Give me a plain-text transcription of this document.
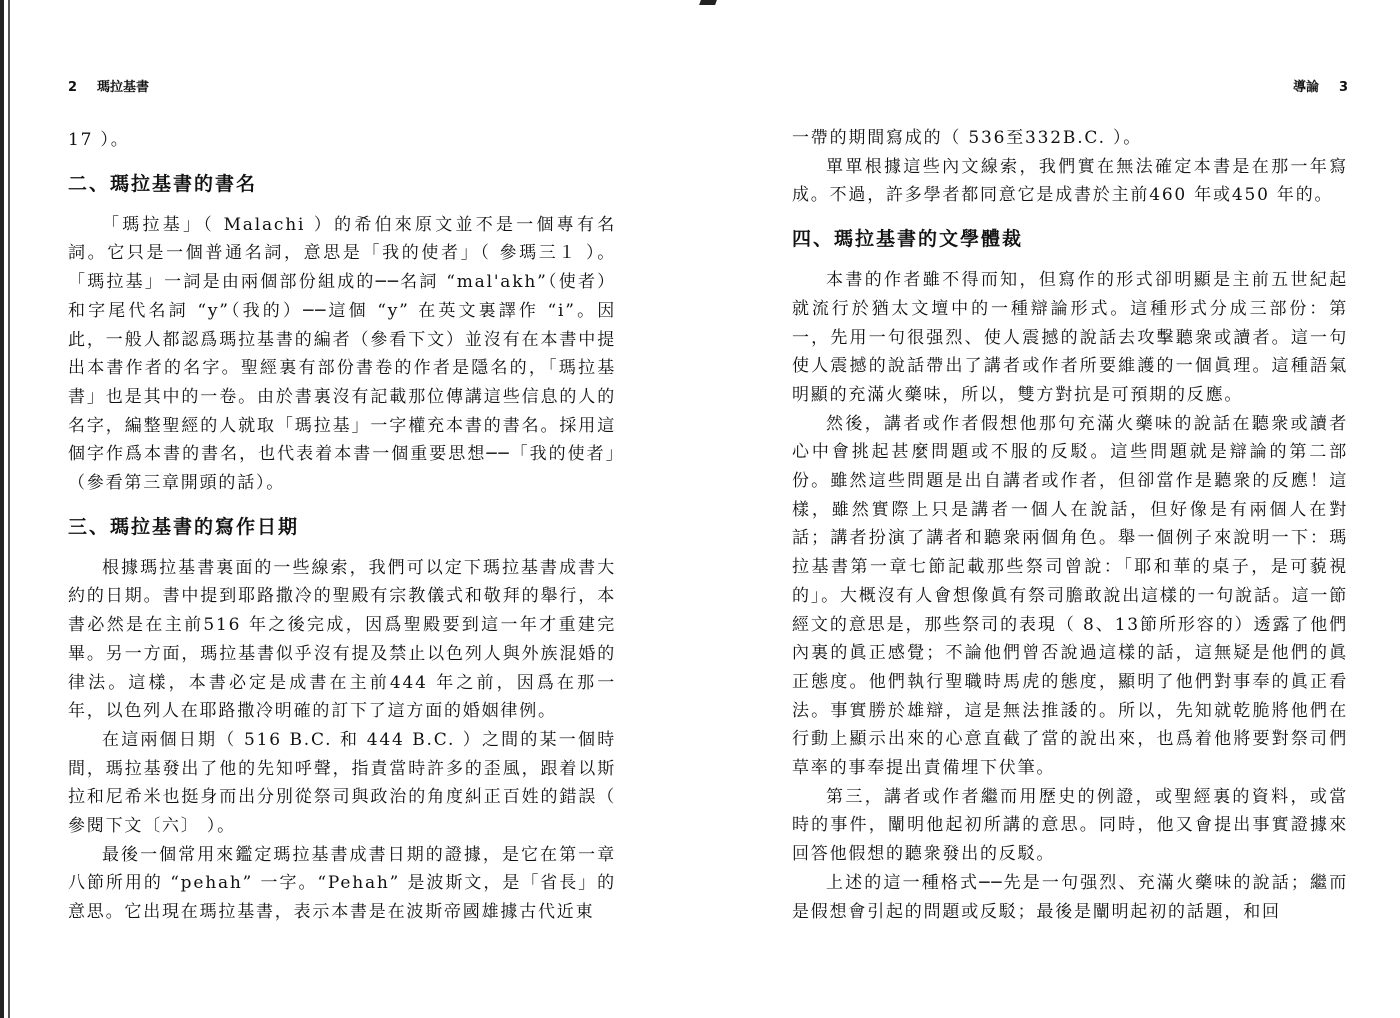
2 瑪拉基書

17 ）。

二、瑪拉基書的書名

「瑪拉基」（ Malachi ）的希伯來原文並不是一個專有名詞。它只是一個普通名詞，意思是「我的使者」（ 參瑪三１ ）。「瑪拉基」一詞是由兩個部份組成的──名詞 “mal'akh”（使者）和字尾代名詞 “y”（我的）──這個 “y” 在英文裏譯作 “i”。因此，一般人都認爲瑪拉基書的編者（參看下文）並沒有在本書中提出本書作者的名字。聖經裏有部份書卷的作者是隱名的，「瑪拉基書」也是其中的一卷。由於書裏沒有記載那位傳講這些信息的人的名字，編整聖經的人就取「瑪拉基」一字權充本書的書名。採用這個字作爲本書的書名，也代表着本書一個重要思想──「我的使者」（參看第三章開頭的話）。

三、瑪拉基書的寫作日期

根據瑪拉基書裏面的一些線索，我們可以定下瑪拉基書成書大約的日期。書中提到耶路撒冷的聖殿有宗教儀式和敬拜的舉行，本書必然是在主前516 年之後完成，因爲聖殿要到這一年才重建完畢。另一方面，瑪拉基書似乎沒有提及禁止以色列人與外族混婚的律法。這樣，本書必定是成書在主前444 年之前，因爲在那一年，以色列人在耶路撒冷明確的訂下了這方面的婚姻律例。

在這兩個日期（ 516 B.C. 和 444 B.C. ）之間的某一個時間，瑪拉基發出了他的先知呼聲，指責當時許多的歪風，跟着以斯拉和尼希米也挺身而出分別從祭司與政治的角度糾正百姓的錯誤（ 參閱下文〔六〕 ）。

最後一個常用來鑑定瑪拉基書成書日期的證據，是它在第一章八節所用的 “pehah” 一字。“Pehah” 是波斯文，是「省長」的意思。它出現在瑪拉基書，表示本書是在波斯帝國雄據古代近東

導論 3

一帶的期間寫成的（ 536至332B.C. ）。

單單根據這些內文線索，我們實在無法確定本書是在那一年寫成。不過，許多學者都同意它是成書於主前460 年或450 年的。

四、瑪拉基書的文學體裁

本書的作者雖不得而知，但寫作的形式卻明顯是主前五世紀起就流行於猶太文壇中的一種辯論形式。這種形式分成三部份：第一，先用一句很强烈、使人震撼的說話去攻擊聽衆或讀者。這一句使人震撼的說話帶出了講者或作者所要維護的一個眞理。這種語氣明顯的充滿火藥味，所以，雙方對抗是可預期的反應。

然後，講者或作者假想他那句充滿火藥味的說話在聽衆或讀者心中會挑起甚麼問題或不服的反駁。這些問題就是辯論的第二部份。雖然這些問題是出自講者或作者，但卻當作是聽衆的反應！這樣，雖然實際上只是講者一個人在說話，但好像是有兩個人在對話；講者扮演了講者和聽衆兩個角色。舉一個例子來說明一下：瑪拉基書第一章七節記載那些祭司曾說：「耶和華的桌子，是可藐視的」。大概沒有人會想像眞有祭司膽敢說出這樣的一句說話。這一節經文的意思是，那些祭司的表現（ 8、13節所形容的）透露了他們內裏的眞正感覺；不論他們曾否說過這樣的話，這無疑是他們的眞正態度。他們執行聖職時馬虎的態度，顯明了他們對事奉的眞正看法。事實勝於雄辯，這是無法推諉的。所以，先知就乾脆將他們在行動上顯示出來的心意直截了當的說出來，也爲着他將要對祭司們草率的事奉提出責備埋下伏筆。

第三，講者或作者繼而用歷史的例證，或聖經裏的資料，或當時的事件，闡明他起初所講的意思。同時，他又會提出事實證據來回答他假想的聽衆發出的反駁。

上述的這一種格式──先是一句强烈、充滿火藥味的說話；繼而是假想會引起的問題或反駁；最後是闡明起初的話題，和回
